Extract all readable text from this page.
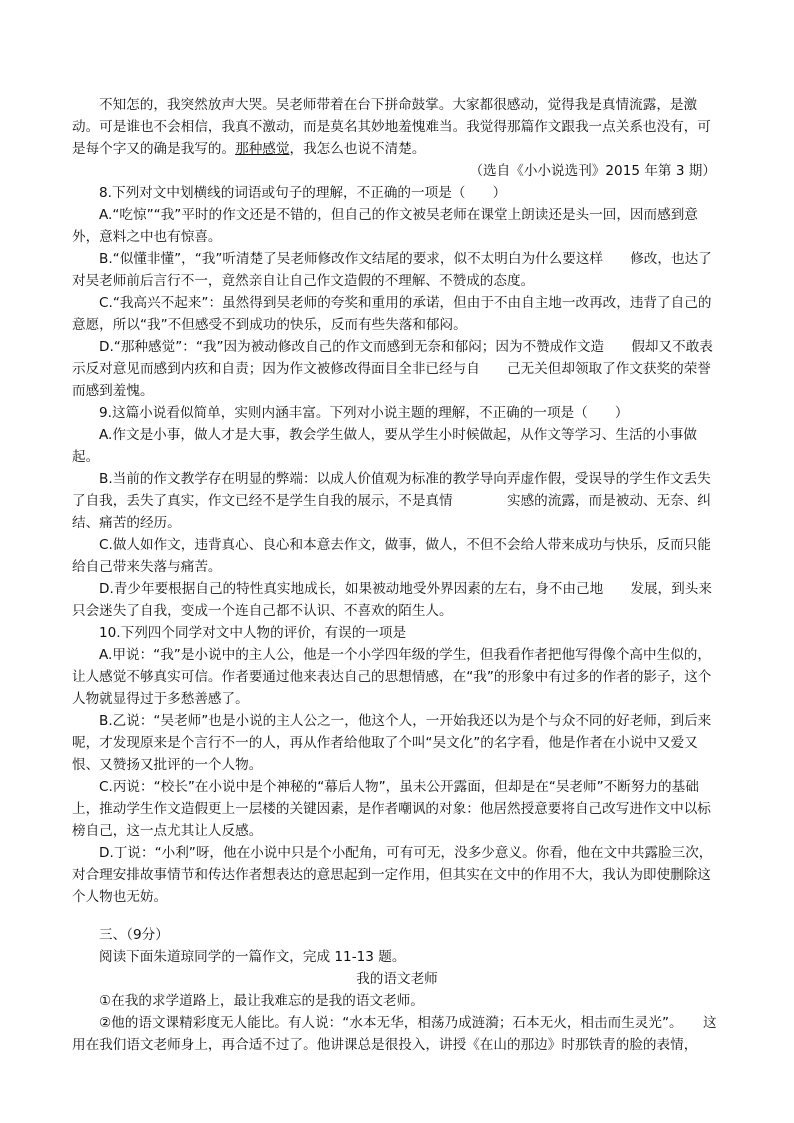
不知怎的，我突然放声大哭。吴老师带着在台下拼命鼓掌。大家都很感动，觉得我是真情流露，是激动。可是谁也不会相信，我真不激动，而是莫名其妙地羞愧难当。我觉得那篇作文跟我一点关系也没有，可是每个字又的确是我写的。那种感觉，我怎么也说不清楚。

（选自《小小说选刊》2015 年第 3 期）

8.下列对文中划横线的词语或句子的理解，不正确的一项是（　　）

A.“吃惊”“我”平时的作文还是不错的，但自己的作文被吴老师在课堂上朗读还是头一回，因而感到意外，意料之中也有惊喜。

B.“似懂非懂”，“我”听清楚了吴老师修改作文结尾的要求，似不太明白为什么要这样　　修改，也达了对吴老师前后言行不一，竟然亲自让自己作文造假的不理解、不赞成的态度。

C.“我高兴不起来”：虽然得到吴老师的夸奖和重用的承诺，但由于不由自主地一改再改，违背了自己的意愿，所以“我”不但感受不到成功的快乐，反而有些失落和郁闷。

D.“那种感觉”：“我”因为被动修改自己的作文而感到无奈和郁闷；因为不赞成作文造　　假却又不敢表示反对意见而感到内疚和自责；因为作文被修改得面目全非已经与自　　己无关但却领取了作文获奖的荣誉而感到羞愧。

9.这篇小说看似简单，实则内涵丰富。下列对小说主题的理解，不正确的一项是（　　）

A.作文是小事，做人才是大事，教会学生做人，要从学生小时候做起，从作文等学习、生活的小事做起。

B.当前的作文教学存在明显的弊端：以成人价值观为标准的教学导向弄虚作假，受误导的学生作文丢失了自我，丢失了真实，作文已经不是学生自我的展示，不是真情　　　　实感的流露，而是被动、无奈、纠结、痛苦的经历。

C.做人如作文，违背真心、良心和本意去作文，做事，做人，不但不会给人带来成功与快乐，反而只能给自己带来失落与痛苦。

D.青少年要根据自己的特性真实地成长，如果被动地受外界因素的左右，身不由己地　　发展，到头来只会迷失了自我，变成一个连自己都不认识、不喜欢的陌生人。

10.下列四个同学对文中人物的评价，有误的一项是

A.甲说：“我”是小说中的主人公，他是一个小学四年级的学生，但我看作者把他写得像个高中生似的，让人感觉不够真实可信。作者要通过他来表达自己的思想情感，在“我”的形象中有过多的作者的影子，这个人物就显得过于多愁善感了。

B.乙说：“吴老师”也是小说的主人公之一，他这个人，一开始我还以为是个与众不同的好老师，到后来呢，才发现原来是个言行不一的人，再从作者给他取了个叫“吴文化”的名字看，他是作者在小说中又爱又恨、又赞扬又批评的一个人物。

C.丙说：“校长”在小说中是个神秘的“幕后人物”，虽未公开露面，但却是在“吴老师”不断努力的基础上，推动学生作文造假更上一层楼的关键因素，是作者嘲讽的对象：他居然授意要将自己改写进作文中以标榜自己，这一点尤其让人反感。

D.丁说：“小利”呀，他在小说中只是个小配角，可有可无，没多少意义。你看，他在文中共露脸三次，对合理安排故事情节和传达作者想表达的意思起到一定作用，但其实在文中的作用不大，我认为即使删除这个人物也无妨。

三、（9分）

阅读下面朱道琼同学的一篇作文，完成 11-13 题。

我的语文老师

①在我的求学道路上，最让我难忘的是我的语文老师。

②他的语文课精彩度无人能比。有人说：“水本无华，相荡乃成涟漪；石本无火，相击而生灵光”。　　这用在我们语文老师身上，再合适不过了。他讲课总是很投入，讲授《在山的那边》时那铁青的脸的表情，
